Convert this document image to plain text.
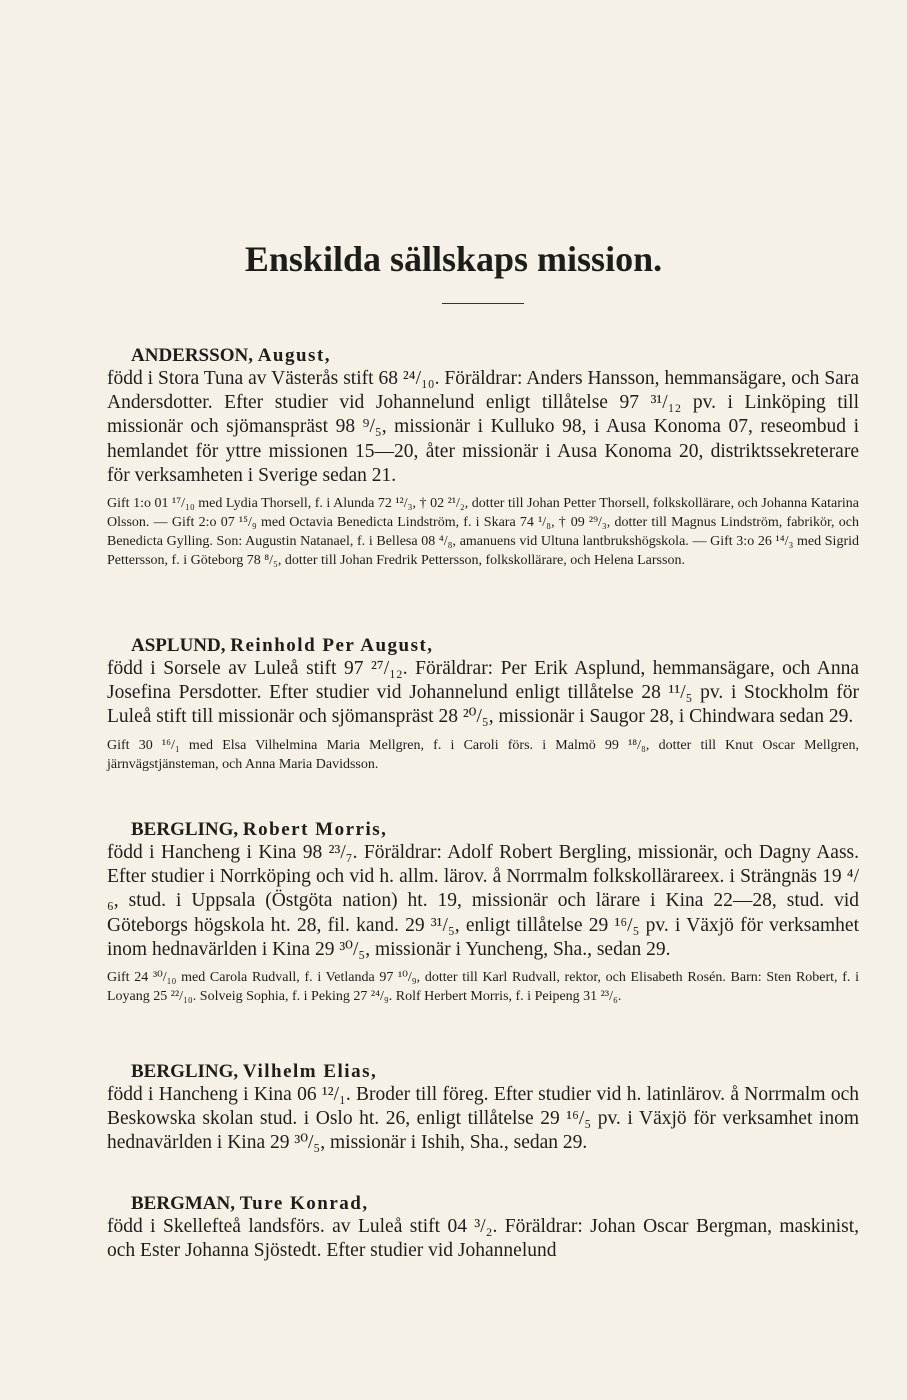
Enskilda sällskaps mission.
ANDERSSON, August,

född i Stora Tuna av Västerås stift 68 ²⁴/₁₀. Föräldrar: Anders Hansson, hemmansägare, och Sara Andersdotter. Efter studier vid Johannelund enligt tillåtelse 97 ³¹/₁₂ pv. i Linköping till missionär och sjömanspräst 98 ⁹/₅, missionär i Kulluko 98, i Ausa Konoma 07, reseombud i hemlandet för yttre missionen 15—20, åter missionär i Ausa Konoma 20, distriktssekreterare för verksamheten i Sverige sedan 21.

Gift 1:o 01 ¹⁷/₁₀ med Lydia Thorsell, f. i Alunda 72 ¹²/₃, † 02 ²¹/₂, dotter till Johan Petter Thorsell, folkskollärare, och Johanna Katarina Olsson. — Gift 2:o 07 ¹⁵/₉ med Octavia Benedicta Lindström, f. i Skara 74 ¹/₈, † 09 ²⁹/₃, dotter till Magnus Lindström, fabrikör, och Benedicta Gylling. Son: Augustin Natanael, f. i Bellesa 08 ⁴/₈, amanuens vid Ultuna lantbrukshögskola. — Gift 3:o 26 ¹⁴/₃ med Sigrid Pettersson, f. i Göteborg 78 ⁸/₅, dotter till Johan Fredrik Pettersson, folkskollärare, och Helena Larsson.

ASPLUND, Reinhold Per August,

född i Sorsele av Luleå stift 97 ²⁷/₁₂. Föräldrar: Per Erik Asplund, hemmansägare, och Anna Josefina Persdotter. Efter studier vid Johannelund enligt tillåtelse 28 ¹¹/₅ pv. i Stockholm för Luleå stift till missionär och sjömanspräst 28 ²⁰/₅, missionär i Saugor 28, i Chindwara sedan 29.

Gift 30 ¹⁶/₁ med Elsa Vilhelmina Maria Mellgren, f. i Caroli förs. i Malmö 99 ¹⁸/₈, dotter till Knut Oscar Mellgren, järnvägstjänsteman, och Anna Maria Davidsson.

BERGLING, Robert Morris,

född i Hancheng i Kina 98 ²³/₇. Föräldrar: Adolf Robert Bergling, missionär, och Dagny Aass. Efter studier i Norrköping och vid h. allm. lärov. å Norrmalm folkskollärareex. i Strängnäs 19 ⁴/₆, stud. i Uppsala (Östgöta nation) ht. 19, missionär och lärare i Kina 22—28, stud. vid Göteborgs högskola ht. 28, fil. kand. 29 ³¹/₅, enligt tillåtelse 29 ¹⁶/₅ pv. i Växjö för verksamhet inom hednavärlden i Kina 29 ³⁰/₅, missionär i Yuncheng, Sha., sedan 29.

Gift 24 ³⁰/₁₀ med Carola Rudvall, f. i Vetlanda 97 ¹⁰/₉, dotter till Karl Rudvall, rektor, och Elisabeth Rosén. Barn: Sten Robert, f. i Loyang 25 ²²/₁₀. Solveig Sophia, f. i Peking 27 ²⁴/₉. Rolf Herbert Morris, f. i Peipeng 31 ²³/₆.

BERGLING, Vilhelm Elias,

född i Hancheng i Kina 06 ¹²/₁. Broder till föreg. Efter studier vid h. latinlärov. å Norrmalm och Beskowska skolan stud. i Oslo ht. 26, enligt tillåtelse 29 ¹⁶/₅ pv. i Växjö för verksamhet inom hednavärlden i Kina 29 ³⁰/₅, missionär i Ishih, Sha., sedan 29.

BERGMAN, Ture Konrad,

född i Skellefteå landsförs. av Luleå stift 04 ³/₂. Föräldrar: Johan Oscar Bergman, maskinist, och Ester Johanna Sjöstedt. Efter studier vid Johannelund
